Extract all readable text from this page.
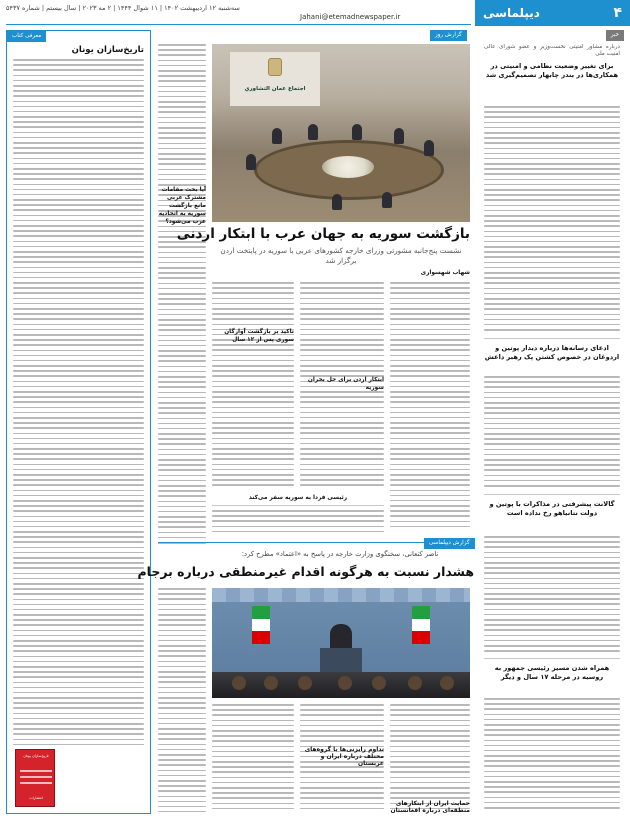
سه‌شنبه ۱۲ اردیبهشت ۱۴۰۲ | ۱۱ شوال ۱۴۴۴ | ۲ مه ۲۰۲۳ | سال بیستم | شماره ۵۴۳۷
Jahani@etemadnewspaper.ir	۴
دیپلماسی
معرفی کتاب
تاریخ‌سازان یونان
تاریخ‌سازان یونان
انتشارات
گزارش روز
آیا بحث مقامات مشترک عربی مانع بازگشت سوریه به اتحادیه عرب می‌شود؟
اجتماع عمان التشاوري
بازگشت سوریه به جهان عرب با ابتکار اردنی
نشست پنج‌جانبه مشورتی وزرای خارجه کشورهای عربی با سوریه در پایتخت اردن برگزار شد
شهاب شهسواری
ابتکار اردن برای حل بحران سوریه
تاکید بر بازگشت آوارگان سوری پس از ۱۲ سال
رئیسی فردا به سوریه سفر می‌کند
گزارش دیپلماسی
ناصر کنعانی، سخنگوی وزارت خارجه در پاسخ به «اعتماد» مطرح کرد:
هشدار نسبت به هرگونه اقدام غیرمنطقی درباره برجام
تداوم رایزنی‌ها با گروه‌های مختلف درباره ایران و عربستان
حمایت ایران از ابتکارهای منطقه‌ای درباره افغانستان
خبر
درباره مشاور امنیتی نخست‌وزیر و عضو شورای عالی امنیت ملی
برای تغییر وضعیت نظامی و امنیتی در همکاری‌ها در بندر چابهار تصمیم‌گیری شد
ادعای رسانه‌ها درباره دیدار پوتین و اردوغان در خصوص کشتن پک رهبر داعش
گالانت پیشرفتی در مذاکرات با پوتین و دولت نتانیاهو رخ نداده است
همراه شدن مسیر رئیسی جمهور به روسیه در مرحله ۱۷ سال و دیگر
